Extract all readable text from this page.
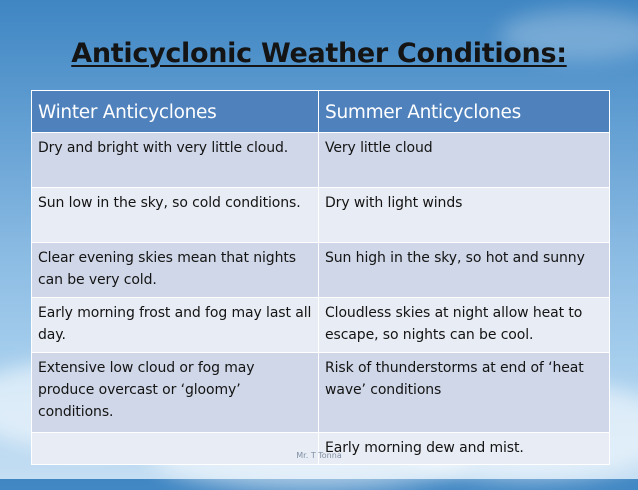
Anticyclonic Weather Conditions:
Winter Anticyclones	Summer Anticyclones
Dry and bright with very little cloud.	Very little cloud
Sun low in the sky, so cold conditions.	Dry with light winds
Clear evening skies mean that nights can be very cold.	Sun high in the sky, so hot and sunny
Early morning frost and fog may last all day.	Cloudless skies at night allow heat to escape, so nights can be cool.
Extensive low cloud or fog may produce overcast or ‘gloomy’ conditions.	Risk of thunderstorms at end of ‘heat wave’ conditions
	Early morning dew and mist.
Mr. T Tonna
